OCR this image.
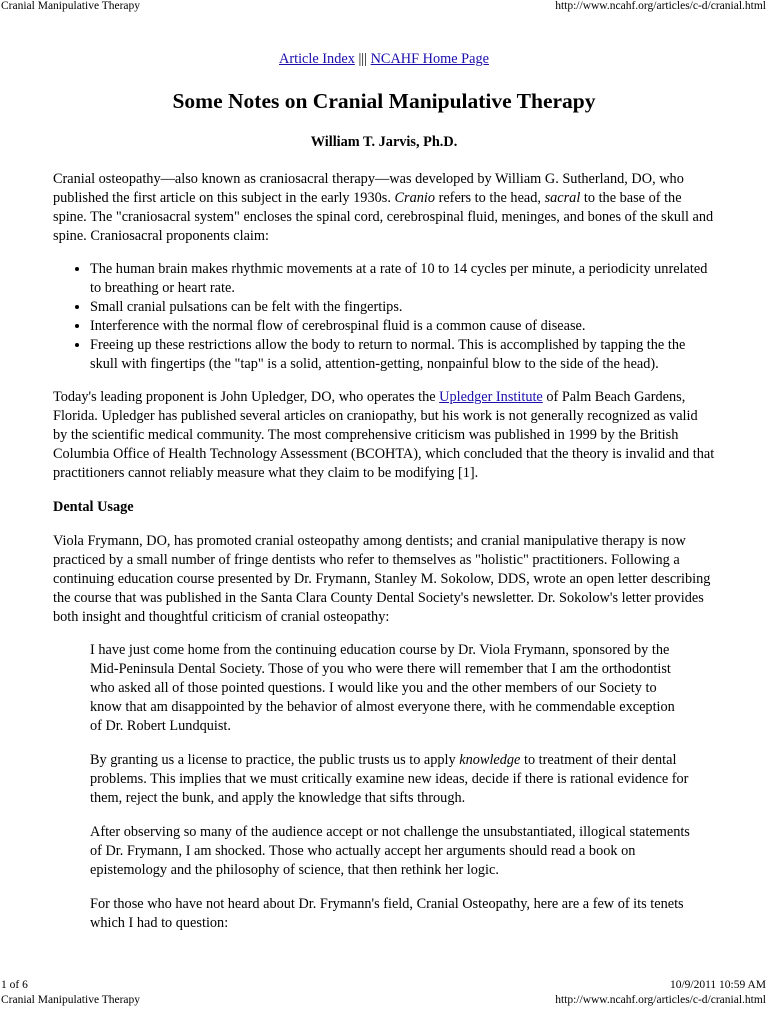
Cranial Manipulative Therapy	http://www.ncahf.org/articles/c-d/cranial.html

Article Index ||| NCAHF Home Page

Some Notes on Cranial Manipulative Therapy

William T. Jarvis, Ph.D.

Cranial osteopathy—also known as craniosacral therapy—was developed by William G. Sutherland, DO, who published the first article on this subject in the early 1930s. Cranio refers to the head, sacral to the base of the spine. The "craniosacral system" encloses the spinal cord, cerebrospinal fluid, meninges, and bones of the skull and spine. Craniosacral proponents claim:

• The human brain makes rhythmic movements at a rate of 10 to 14 cycles per minute, a periodicity unrelated to breathing or heart rate.
• Small cranial pulsations can be felt with the fingertips.
• Interference with the normal flow of cerebrospinal fluid is a common cause of disease.
• Freeing up these restrictions allow the body to return to normal. This is accomplished by tapping the the skull with fingertips (the "tap" is a solid, attention-getting, nonpainful blow to the side of the head).

Today's leading proponent is John Upledger, DO, who operates the Upledger Institute of Palm Beach Gardens, Florida. Upledger has published several articles on craniopathy, but his work is not generally recognized as valid by the scientific medical community. The most comprehensive criticism was published in 1999 by the British Columbia Office of Health Technology Assessment (BCOHTA), which concluded that the theory is invalid and that practitioners cannot reliably measure what they claim to be modifying [1].

Dental Usage

Viola Frymann, DO, has promoted cranial osteopathy among dentists; and cranial manipulative therapy is now practiced by a small number of fringe dentists who refer to themselves as "holistic" practitioners. Following a continuing education course presented by Dr. Frymann, Stanley M. Sokolow, DDS, wrote an open letter describing the course that was published in the Santa Clara County Dental Society's newsletter. Dr. Sokolow's letter provides both insight and thoughtful criticism of cranial osteopathy:

I have just come home from the continuing education course by Dr. Viola Frymann, sponsored by the Mid-Peninsula Dental Society. Those of you who were there will remember that I am the orthodontist who asked all of those pointed questions. I would like you and the other members of our Society to know that am disappointed by the behavior of almost everyone there, with he commendable exception of Dr. Robert Lundquist.

By granting us a license to practice, the public trusts us to apply knowledge to treatment of their dental problems. This implies that we must critically examine new ideas, decide if there is rational evidence for them, reject the bunk, and apply the knowledge that sifts through.

After observing so many of the audience accept or not challenge the unsubstantiated, illogical statements of Dr. Frymann, I am shocked. Those who actually accept her arguments should read a book on epistemology and the philosophy of science, that then rethink her logic.

For those who have not heard about Dr. Frymann's field, Cranial Osteopathy, here are a few of its tenets which I had to question:

1 of 6	10/9/2011 10:59 AM
Cranial Manipulative Therapy	http://www.ncahf.org/articles/c-d/cranial.html
